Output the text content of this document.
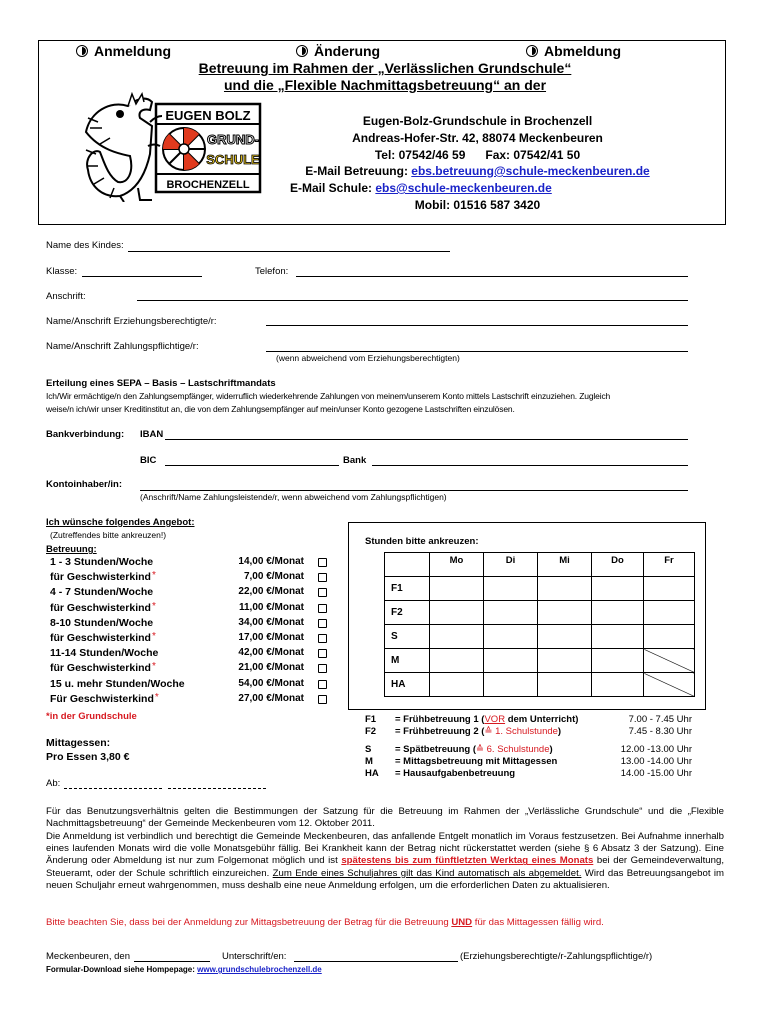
Anmeldung	Änderung	Abmeldung
Betreuung im Rahmen der „Verlässlichen Grundschule“
und die „Flexible Nachmittagsbetreuung“ an der
EUGEN BOLZ
GRUND-
SCHULE
BROCHENZELL
Eugen-Bolz-Grundschule in Brochenzell
Andreas-Hofer-Str. 42, 88074 Meckenbeuren
Tel: 07542/46 59      Fax: 07542/41 50
E-Mail Betreuung: ebs.betreuung@schule-meckenbeuren.de
E-Mail Schule: ebs@schule-meckenbeuren.de
Mobil: 01516 587 3420
Name des Kindes:
Klasse:	Telefon:
Anschrift:
Name/Anschrift Erziehungsberechtigte/r:
Name/Anschrift Zahlungspflichtige/r:
(wenn abweichend vom Erziehungsberechtigten)
Erteilung eines SEPA – Basis – Lastschriftmandats
Ich/Wir ermächtige/n den Zahlungsempfänger, widerruflich wiederkehrende Zahlungen von meinem/unserem Konto mittels Lastschrift einzuziehen. Zugleich
weise/n ich/wir unser Kreditinstitut an, die von dem Zahlungsempfänger auf mein/unser Konto gezogene Lastschriften einzulösen.
Bankverbindung: IBAN
BIC	Bank
Kontoinhaber/in:
(Anschrift/Name Zahlungsleistende/r, wenn abweichend vom Zahlungspflichtigen)
Ich wünsche folgendes Angebot:
(Zutreffendes bitte ankreuzen!)
Betreuung:
1 - 3 Stunden/Woche	14,00 €/Monat
für Geschwisterkind *	7,00 €/Monat
4 - 7 Stunden/Woche	22,00 €/Monat
für Geschwisterkind *	11,00 €/Monat
8-10 Stunden/Woche	34,00 €/Monat
für Geschwisterkind *	17,00 €/Monat
11-14 Stunden/Woche	42,00 €/Monat
für Geschwisterkind *	21,00 €/Monat
15 u. mehr Stunden/Woche	54,00 €/Monat
Für Geschwisterkind *	27,00 €/Monat
*in der Grundschule
Mittagessen:
Pro Essen 3,80 €
Ab:
Stunden bitte ankreuzen:
	Mo	Di	Mi	Do	Fr
F1					
F2					
S					
M					
HA					
F1 = Frühbetreuung 1 (VOR dem Unterricht)	7.00 - 7.45 Uhr
F2 = Frühbetreuung 2 (≙ 1. Schulstunde)	7.45 - 8.30 Uhr
S = Spätbetreuung (≙ 6. Schulstunde)	12.00 -13.00 Uhr
M = Mittagsbetreuung mit Mittagessen	13.00 -14.00 Uhr
HA = Hausaufgabenbetreuung	14.00 -15.00 Uhr
Für das Benutzungsverhältnis gelten die Bestimmungen der Satzung für die Betreuung im Rahmen der „Verlässliche Grundschule“ und die „Flexible Nachmittagsbetreuung“ der Gemeinde Meckenbeuren vom 12. Oktober 2011.
Die Anmeldung ist verbindlich und berechtigt die Gemeinde Meckenbeuren, das anfallende Entgelt monatlich im Voraus festzusetzen. Bei Aufnahme innerhalb eines laufenden Monats wird die volle Monatsgebühr fällig. Bei Krankheit kann der Betrag nicht rückerstattet werden (siehe § 6 Absatz 3 der Satzung). Eine Änderung oder Abmeldung ist nur zum Folgemonat möglich und ist spätestens bis zum fünftletzten Werktag eines Monats bei der Gemeindeverwaltung, Steueramt, oder der Schule schriftlich einzureichen. Zum Ende eines Schuljahres gilt das Kind automatisch als abgemeldet. Wird das Betreuungsangebot im neuen Schuljahr erneut wahrgenommen, muss deshalb eine neue Anmeldung erfolgen, um die erforderlichen Daten zu aktualisieren.
Bitte beachten Sie, dass bei der Anmeldung zur Mittagsbetreuung der Betrag für die Betreuung UND für das Mittagessen fällig wird.
Meckenbeuren, den	Unterschrift/en:	(Erziehungsberechtigte/r-Zahlungspflichtige/r)
Formular-Download siehe Hompepage: www.grundschulebrochenzell.de
